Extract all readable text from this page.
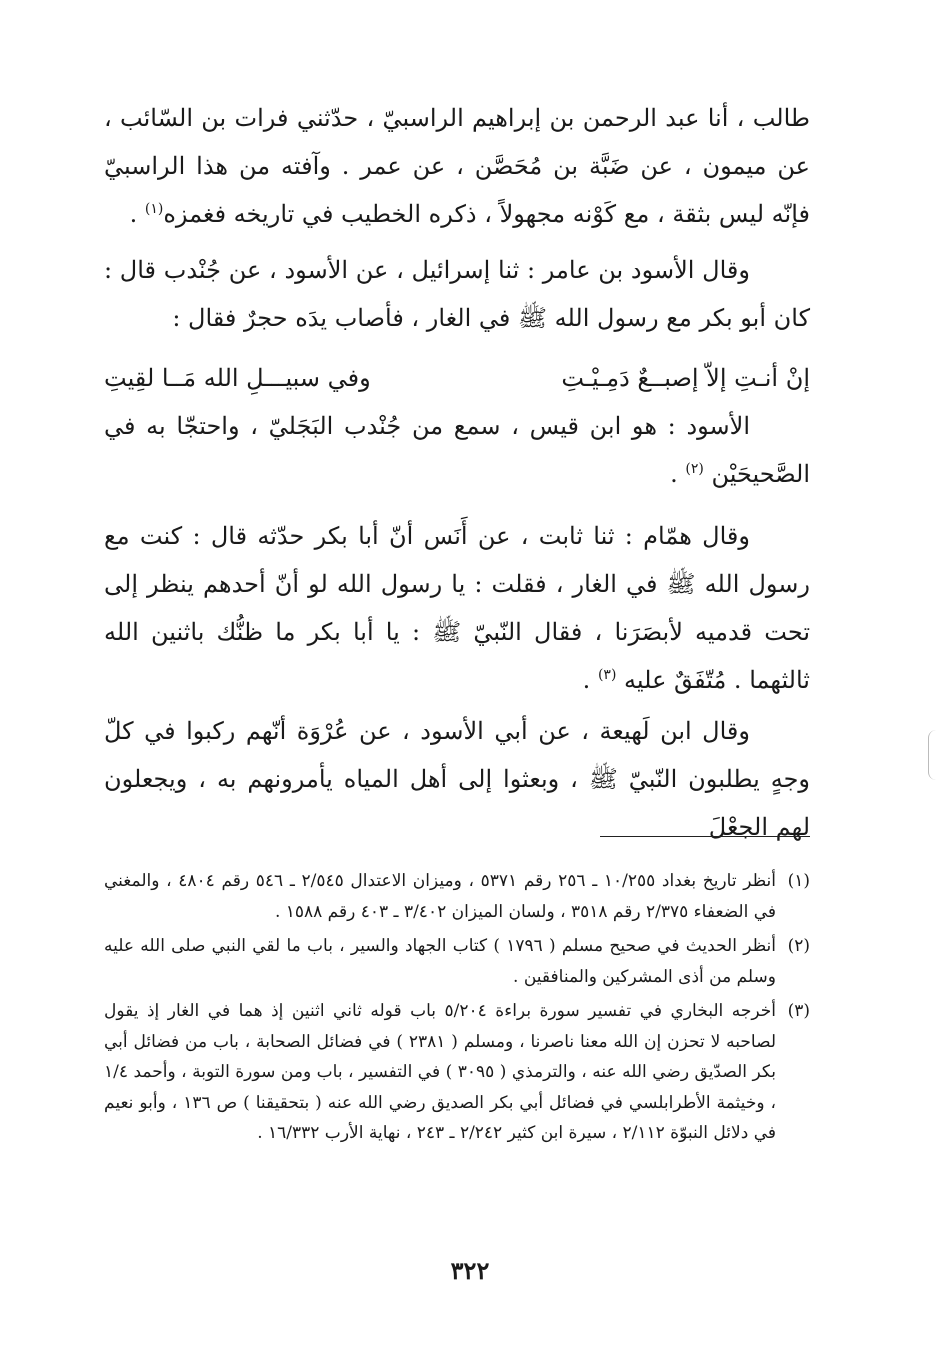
طالب ، أنا عبد الرحمن بن إبراهيم الراسبيّ ، حدّثني فرات بن السّائب ، عن ميمون ، عن ضَبَّة بن مُحَصَّن ، عن عمر . وآفته من هذا الراسبيّ فإنّه ليس بثقة ، مع كَوْنه مجهولاً ، ذكره الخطيب في تاريخه فغمزه$^{(١)}$ .

وقال الأسود بن عامر : ثنا إسرائيل ، عن الأسود ، عن جُنْدب قال : كان أبو بكر مع رسول الله ﷺ في الغار ، فأصاب يدَه حجرٌ فقال :

إنْ أنـتِ إلاّ إصبــعٌ دَمِـيْـتِ
وفي سبيـــلِ الله مَــا لقِيتِ

الأسود : هو ابن قيس ، سمع من جُنْدب البَجَليّ ، واحتجّا به في الصَّحيحَيْن $^{(٢)}$ .

وقال همّام : ثنا ثابت ، عن أَنَس أنّ أبا بكر حدّثه قال : كنت مع رسول الله ﷺ في الغار ، فقلت : يا رسول الله لو أنّ أحدهم ينظر إلى تحت قدميه لأبصَرَنا ، فقال النّبيّ ﷺ : يا أبا بكر ما ظنُّك باثنين الله ثالثهما . مُتّفَقٌ عليه $^{(٣)}$ .

وقال ابن لَهيعة ، عن أبي الأسود ، عن عُرْوَة أنّهم ركبوا في كلّ وجهٍ يطلبون النّبيّ ﷺ ، وبعثوا إلى أهل المياه يأمرونهم به ، ويجعلون لهم الجعْلَ

(١)
أنظر تاريخ بغداد ١٠/٢٥٥ ـ ٢٥٦ رقم ٥٣٧١ ، وميزان الاعتدال ٢/٥٤٥ ـ ٥٤٦ رقم ٤٨٠٤ ، والمغني في الضعفاء ٢/٣٧٥ رقم ٣٥١٨ ، ولسان الميزان ٣/٤٠٢ ـ ٤٠٣ رقم ١٥٨٨ .

(٢)
أنظر الحديث في صحيح مسلم ( ١٧٩٦ ) كتاب الجهاد والسير ، باب ما لقي النبي صلى الله عليه وسلم من أذى المشركين والمنافقين .

(٣)
أخرجه البخاري في تفسير سورة براءة ٥/٢٠٤ باب قوله ثاني اثنين إذ هما في الغار إذ يقول لصاحبه لا تحزن إن الله معنا ناصرنا ، ومسلم ( ٢٣٨١ ) في فضائل الصحابة ، باب من فضائل أبي بكر الصدّيق رضي الله عنه ، والترمذي ( ٣٠٩٥ ) في التفسير ، باب ومن سورة التوبة ، وأحمد ١/٤ ، وخيثمة الأطرابلسي في فضائل أبي بكر الصديق رضي الله عنه ( بتحقيقنا ) ص ١٣٦ ، وأبو نعيم في دلائل النبوّة ٢/١١٢ ، سيرة ابن كثير ٢/٢٤٢ ـ ٢٤٣ ، نهاية الأرب ١٦/٣٣٢ .

٣٢٢
